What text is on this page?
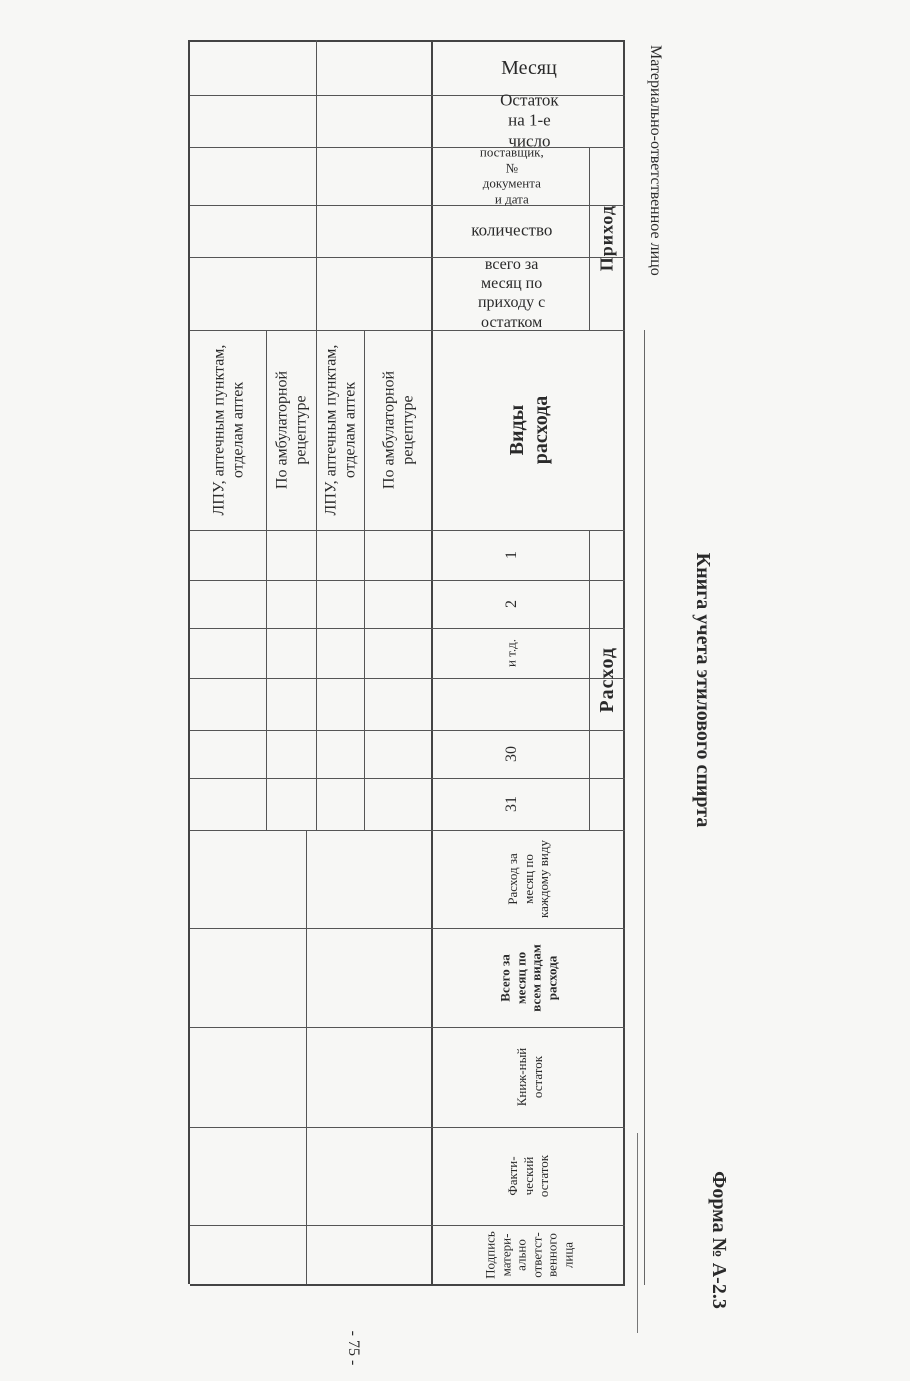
Форма № А-2.3
Книга учета этилового спирта
Материально-ответственное лицо
- 75 -
Месяц
Остаток на 1-е число
Приход
поставщик, № документа и дата
количество
всего за месяц по приходу с остатком
Виды расхода
Расход
1
2
и т.д.
30
31
Расход за месяц по каждому виду
Всего за месяц по всем видам расхода
Книж-ный остаток
Факти-ческий остаток
Подпись матери-ально ответст-венного лица
По амбулаторной рецептуре
ЛПУ, аптечным пунктам, отделам аптек
По амбулаторной рецептуре
ЛПУ, аптечным пунктам, отделам аптек
